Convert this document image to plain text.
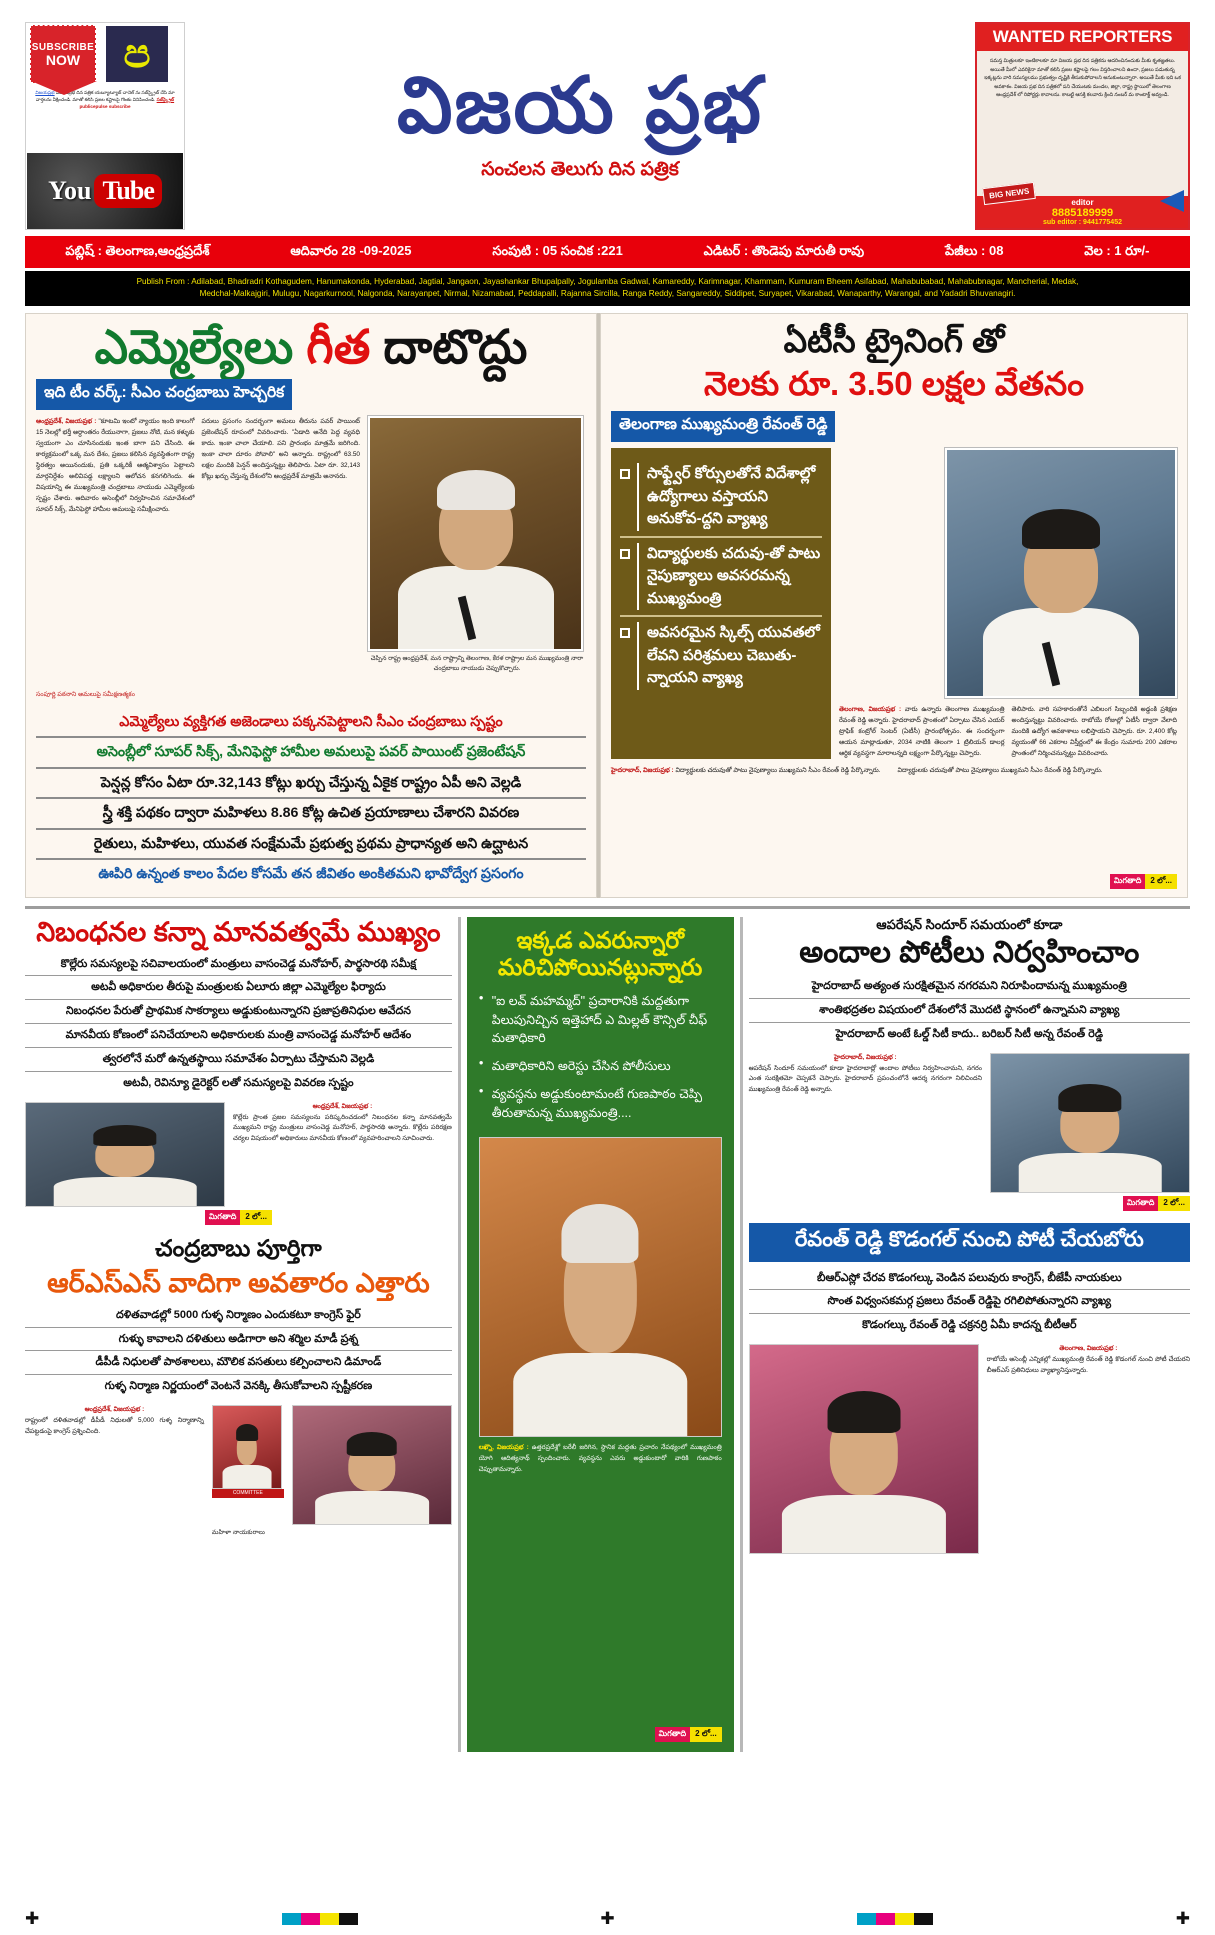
SUBSCRIBE
NOW ප
విజయప్రభ దిన పత్రిక యబ్యూట్యూబ్ చానెల్ ను సబ్‌స్క్రైబ్ చేసి మా వార్తలను వీక్షించండి. మాతో కలిసి ప్రజల కష్టాలపై గొంతు వినిపించండి. సబ్‌స్క్రైబ్ publicepulse subscribe
You Tube
విజయ ప్రభ
సంచలన తెలుగు దిన పత్రిక
WANTED REPORTERS
సమస్త మిత్రులకూ ఇంటికాలకూ మా విజయ ప్రభ దిన పత్రికను ఆదరించినందుకు మీకు కృతజ్ఞతలు. అయితే మీలో ఎవరికైనా మాతో కలిసి ప్రజల కష్టాలపై గలం విస్తరించాలని ఉందా, ప్రజలు పడుతున్న ఇక్కట్లను వారి సమస్యలము ప్రభుత్వం దృష్టికి తీసుకుపోవాలని అనుకుంటున్నారా. అయితే మీకు ఇది ఒక అవకాశం. విజయ ప్రభ దిన పత్రికలో పని చేయుటకు మండల, జిల్లా, రాష్ట్ర స్థాయిలో తెలంగాణ ఆంధ్రప్రదేశ్ లో రిపోర్టర్లు కావాలను. కాబట్టి ఆసక్తి కలవారు క్రింది నంబర్ మ కాంటాక్ట్ అవ్వండి.
BIG NEWS
editor
8885189999
sub editor : 9441775452
పబ్లిష్ : తెలంగాణ,ఆంధ్రప్రదేశ్	ఆదివారం 28 -09-2025	సంపుటి : 05 సంచిక :221	ఎడిటర్ : తొండెపు మారుతీ రావు	పేజీలు : 08	వెల : 1 రూ/-
Publish From : Adilabad, Bhadradri Kothagudem, Hanumakonda, Hyderabad, Jagtial, Jangaon, Jayashankar Bhupalpally, Jogulamba Gadwal, Kamareddy, Karimnagar, Khammam, Kumuram Bheem Asifabad, Mahabubabad, Mahabubnagar, Mancherial, Medak,
Medchal-Malkajgiri, Mulugu, Nagarkurnool, Nalgonda, Narayanpet, Nirmal, Nizamabad, Peddapalli, Rajanna Sircilla, Ranga Reddy, Sangareddy, Siddipet, Suryapet, Vikarabad, Wanaparthy, Warangal, and Yadadri Bhuvanagiri.
ఎమ్మెల్యేలు గీత దాటొద్దు
ఇది టీం వర్క్: సీఎం చంద్రబాబు హెచ్చరిక
ఆంధ్రప్రదేశ్, విజయప్రభ : "కూటమి ఇంటో న్యాయం ఇంది కాలంగో 15 నెలల్లో భర్తీ అర్ధాంతరం రేయునాగా, ప్రజలు నోటి, మన కళ్ళుకు స్వయంగా ఎం చూసినందుకు ఇంత బాగా పని చేసింది. ఈ కార్యక్రమంలో ఒక్క మన దేశం, ప్రజలు కలిసిన వ్యవస్థితంగా రాష్ట్ర స్థిరత్వం అయినందుకు, ప్రతి ఒక్కరికీ ఆత్మవిశ్వాసం పెట్టాలని మార్గనిర్దేశం అలివిపడ్డ లక్ష్యాలని ఆలోచన కనగలిగెందు. ఈ విషయాన్ని ఈ ముఖ్యమంత్రి చంద్రబాబు నాయుడు ఎమ్మెల్యేలకు స్పష్టం చేశారు. ఆదివారం అసెంబ్లీలో నిర్వహించిన సమావేశంలో సూపర్ సిక్స్, మేనిఫెస్టో హామీల అమలుపై సమీక్షించారు.
పరులు ప్రసంగం సందర్భంగా అమలు తీరును పవర్ పాయింట్ ప్రజెంటేషన్ రూపంలో వివరించారు. "ఏడాది అనేది పెద్ద వ్యవధి కాదు. ఇంకా చాలా చేయాలి. పని ప్రారంభం మాత్రమే జరిగింది. ఇంకా చాలా దూరం పోవాలి" అని అన్నారు. రాష్ట్రంలో 63.50 లక్షల మందికి పెన్షన్ అందిస్తున్నట్టు తెలిపారు. ఏటా రూ. 32,143 కోట్లు ఖర్చు చేస్తున్న దేశంలోని ఆంధ్రప్రదేశ్ మాత్రమే అనానరు.
చెప్పిన రాష్ట్ర ఆంధ్రప్రదేశ్, మన రాష్ట్రాన్ని తెలంగాణ, కేరళ రాష్ట్రాల మన ముఖ్యమంత్రి నారా చంద్రబాబు నాయుడు చెప్పుకొచ్చారు.
సంపూర్ణి పఠనాని అమలుపై సమీక్షణత్మకం
ఎమ్మెల్యేలు వ్యక్తిగత అజెండాలు పక్కనపెట్టాలని సీఎం చంద్రబాబు స్పష్టం
అసెంబ్లీలో సూపర్ సిక్స్, మేనిఫెస్టో హామీల అమలుపై పవర్ పాయింట్ ప్రజెంటేషన్
పెన్షన్ల కోసం ఏటా రూ.32,143 కోట్లు ఖర్చు చేస్తున్న ఏకైక రాష్ట్రం ఏపీ అని వెల్లడి
స్త్రీ శక్తి పథకం ద్వారా మహిళలు 8.86 కోట్ల ఉచిత ప్రయాణాలు చేశారని వివరణ
రైతులు, మహిళలు, యువత సంక్షేమమే ప్రభుత్వ ప్రథమ ప్రాధాన్యత అని ఉద్ఘాటన
ఊపిరి ఉన్నంత కాలం పేదల కోసమే తన జీవితం అంకితమని భావోద్వేగ ప్రసంగం
ఏటీసీ ట్రైనింగ్ తో
నెలకు రూ. 3.50 లక్షల వేతనం
తెలంగాణ ముఖ్యమంత్రి రేవంత్ రెడ్డి
సాఫ్ట్వేర్ కోర్సులతోనే విదేశాల్లో ఉద్యోగాలు వస్తాయని అనుకోవ-ద్దని వ్యాఖ్య
విద్యార్థులకు చదువు-తో పాటు నైపుణ్యాలు అవసరమన్న ముఖ్యమంత్రి
అవసరమైన స్కిల్స్ యువతలో లేవని పరిశ్రమలు చెబుతు-న్నాయని వ్యాఖ్య
తెలంగాణ, విజయప్రభ : వారు ఉన్నారు తెలంగాణ ముఖ్యమంత్రి రేవంత్ రెడ్డి అన్నారు. హైదరాబాద్ ప్రాంతంలో ఏర్పాటు చేసిన ఎయర్ ట్రాఫిక్ కంట్రోల్ సెంటర్ (ఏటీసీ) ప్రారంభోత్సవం. ఈ సందర్భంగా ఆయన మాట్లాడుతూ, 2034 నాటికి తెలంగా 1 ట్రిలియన్ డాలర్ల ఆర్థిక వ్యవస్థగా మారాలన్నది లక్ష్యంగా పేర్కొన్నట్టు చెప్పారు.
తెలిపారు. వారి సహకారంతోనే ఎబిలంగ సిబ్బందికి అడ్డంకి ప్రశిక్షణ అందిస్తున్నట్టు వివరించారు. రాబోయే రోజుల్లో ఏటీసీ ద్వారా వేలాది మందికి ఉద్యోగ అవకాశాలు లభిస్తాయని చెప్పారు. రూ. 2,400 కోట్ల వ్యయంతో 66 ఎకరాల విస్తీర్ణంలో ఈ కేంద్రం సుమారు 200 ఎకరాల ప్రాంతంలో నిర్మించనున్నట్టు వివరించారు.
హైదరాబాద్, విజయప్రభ : విద్యార్థులకు చదువుతో పాటు నైపుణ్యాలు ముఖ్యమని సీఎం రేవంత్ రెడ్డి పేర్కొన్నారు.	విద్యార్థులకు చదువుతో పాటు నైపుణ్యాలు ముఖ్యమని సీఎం రేవంత్ రెడ్డి పేర్కొన్నారు.
మిగతాది	2 లో...
నిబంధనల కన్నా మానవత్వమే ముఖ్యం
కొల్లేరు సమస్యలపై సచివాలయంలో మంత్రులు వాసంచెడ్డ మనోహర్, పార్థసారథి సమీక్ష
అటవీ అధికారుల తీరుపై మంత్రులకు ఏలూరు జిల్లా ఎమ్మెల్యేల ఫిర్యాదు
నిబంధనల పేరుతో ప్రాథమిక సాకర్యాలు అడ్డుకుంటున్నారని ప్రజాప్రతినిధుల ఆవేదన
మానవీయ కోణంలో పనిచేయాలని అధికారులకు మంత్రి వాసంచెడ్డ మనోహర్ ఆదేశం
త్వరలోనే మరో ఉన్నతస్థాయి సమావేశం ఏర్పాటు చేస్తామని వెల్లడి
అటవీ, రెవిన్యూ డైరెక్టర్ లతో సమస్యలపై వివరణ స్పష్టం
ఆంధ్రప్రదేశ్, విజయప్రభ :
కొల్లేరు ప్రాంత ప్రజల సమస్యలను పరిష్కరించడంలో నిబంధనల కన్నా మానవత్వమే ముఖ్యమని రాష్ట్ర మంత్రులు వాసంచెడ్డ మనోహర్, పార్థసారథి అన్నారు. కొల్లేరు పరిరక్షణ చర్యల విషయంలో అధికారులు మానవీయ కోణంలో వ్యవహరించాలని సూచించారు.
మిగతాది	2 లో...
చంద్రబాబు పూర్తిగా
ఆర్ఎస్ఎస్ వాదిగా అవతారం ఎత్తారు
దళితవాడల్లో 5000 గుళ్ళ నిర్మాణం ఎందుకటూ కాంగ్రెస్ ఫైర్
గుళ్ళు కావాలని దళితులు అడిగారా అని శర్మిల మాడీ ప్రశ్న
డీపీడీ నిధులతో పాఠశాలలు, మౌలిక వసతులు కల్పించాలని డిమాండ్
గుళ్ళ నిర్మాణ నిర్ణయంలో వెంటనే వెనక్కి తీసుకోవాలని స్పష్టీకరణ
ఆంధ్రప్రదేశ్, విజయప్రభ :
రాష్ట్రంలో దళితవాడల్లో డీపీడీ నిధులతో 5,000 గుళ్ళ నిర్మాణాన్ని చేపట్టడంపై కాంగ్రెస్ ప్రశ్నించింది.
COMMITTEE
మహిళా నాయకురాలు
ఇక్కడ ఎవరున్నారో
మరిచిపోయినట్లున్నారు
● "ఐ లవ్ మహమ్మద్" ప్రచారానికి మద్దతుగా పిలుపునిచ్చిన ఇత్తెహాద్ ఎ మిల్లత్ కౌన్సిల్ చీఫ్ మతాధికారి
● మతాధికారిని అరెస్టు చేసిన పోలీసులు
● వ్యవస్థను అడ్డుకుంటామంటే గుణపాఠం చెప్పి తీరుతామన్న ముఖ్యమంత్రి....
లఖ్నౌ, విజయప్రభ : ఉత్తరప్రదేశ్లో బరేలీ జరిగిన, స్థానిక మద్దతు ప్రచారం నేపథ్యంలో ముఖ్యమంత్రి యోగి ఆదిత్యనాథ్ స్పందించారు. వ్యవస్థను ఎవరు అడ్డుకుంటారో వారికి గుణపాఠం చెప్పుతామన్నారు.
మిగతాది	2 లో...
ఆపరేషన్ సిందూర్ సమయంలో కూడా
అందాల పోటీలు నిర్వహించాం
హైదరాబాద్ అత్యంత సురక్షితమైన నగరమని నిరూపిందామన్న ముఖ్యమంత్రి
శాంతిభద్రతల విషయంలో దేశంలోనే మొదటి స్థానంలో ఉన్నామని వ్యాఖ్య
హైదరాబాద్ అంటే ఓల్డ్ సిటీ కాదు.. బరిబర్ సిటీ అన్న రేవంత్ రెడ్డి
హైదరాబాద్, విజయప్రభ :
ఆపరేషన్ సిందూర్ సమయంలో కూడా హైదరాబాద్లో అందాల పోటీలు నిర్వహించామని, నగరం ఎంత సురక్షితమో చెప్పకనే చెప్పారు. హైదరాబాద్ ప్రపంచంలోనే ఆదర్శ నగరంగా నిలిచిందని ముఖ్యమంత్రి రేవంత్ రెడ్డి అన్నారు.
మిగతాది	2 లో...
రేవంత్ రెడ్డి కొడంగల్ నుంచి పోటీ చేయబోరు
బీఆర్ఎస్లో చేరవ కొడంగల్కు వెండిన పలువురు కాంగ్రెస్, బీజేపీ నాయకులు
సొంత విధ్వంసకమర్గ ప్రజలు రేవంత్ రెడ్డిపై రగిలిపోతున్నారని వ్యాఖ్య
కొడంగల్కు రేవంత్ రెడ్డి చక్రనర్రి ఏమీ కాదన్న బీటీఆర్
తెలంగాణ, విజయప్రభ :
రాబోయే అసెంబ్లీ ఎన్నికల్లో ముఖ్యమంత్రి రేవంత్ రెడ్డి కొడంగల్ నుంచి పోటీ చేయరని బీఆర్ఎస్ ప్రతినిధులు వ్యాఖ్యానిస్తున్నారు.
✚	✚	✚
